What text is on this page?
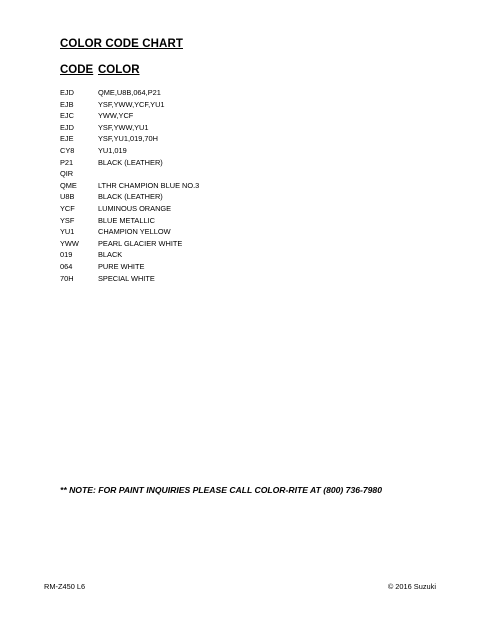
COLOR CODE CHART
CODE COLOR
EJD	QME,U8B,064,P21
EJB	YSF,YWW,YCF,YU1
EJC	YWW,YCF
EJD	YSF,YWW,YU1
EJE	YSF,YU1,019,70H
CY8	YU1,019
P21	BLACK (LEATHER)
QIR
QME	LTHR CHAMPION BLUE NO.3
U8B	BLACK (LEATHER)
YCF	LUMINOUS ORANGE
YSF	BLUE METALLIC
YU1	CHAMPION YELLOW
YWW	PEARL GLACIER WHITE
019	BLACK
064	PURE WHITE
70H	SPECIAL WHITE
** NOTE: FOR PAINT INQUIRIES PLEASE CALL COLOR-RITE AT (800) 736-7980
RM-Z450 L6	© 2016 Suzuki
